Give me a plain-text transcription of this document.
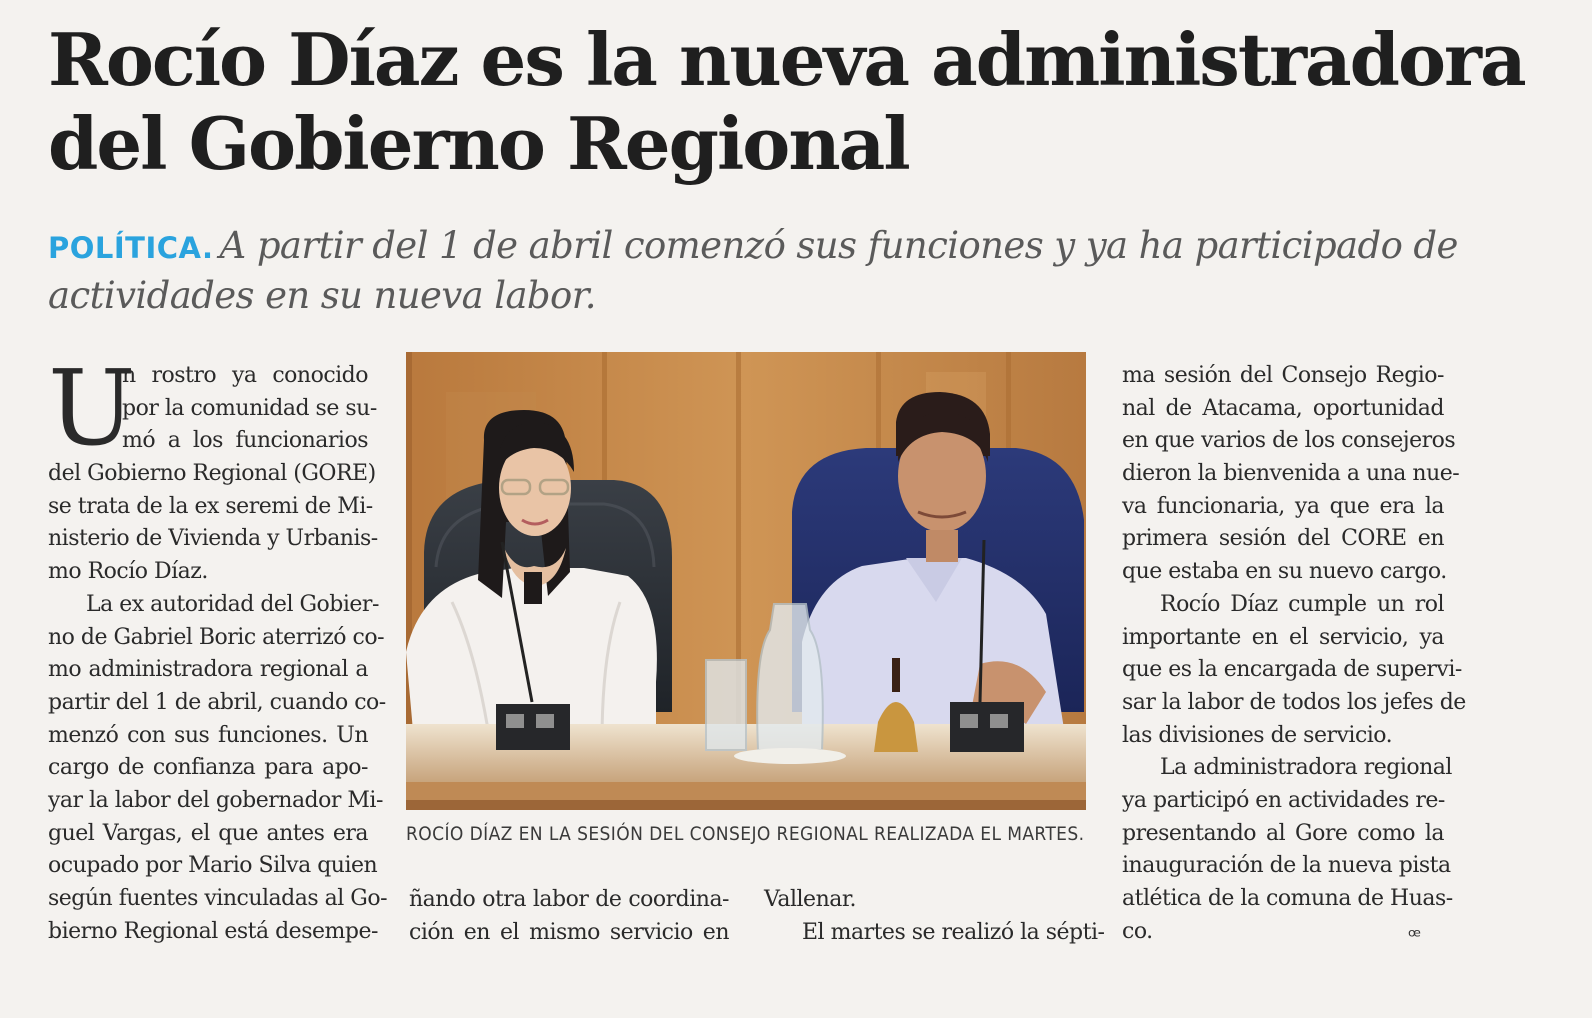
Rocío Díaz es la nueva administradora
del Gobierno Regional
POLÍTICA. A partir del 1 de abril comenzó sus funciones y ya ha participado de
actividades en su nueva labor.
U
n rostro ya conocido
por la comunidad se su-
mó a los funcionarios
del Gobierno Regional (GORE)
se trata de la ex seremi de Mi-
nisterio de Vivienda y Urbanis-
mo Rocío Díaz.
La ex autoridad del Gobier-
no de Gabriel Boric aterrizó co-
mo administradora regional a
partir del 1 de abril, cuando co-
menzó con sus funciones. Un
cargo de confianza para apo-
yar la labor del gobernador Mi-
guel Vargas, el que antes era
ocupado por Mario Silva quien
según fuentes vinculadas al Go-
bierno Regional está desempe-
ROCÍO DÍAZ EN LA SESIÓN DEL CONSEJO REGIONAL REALIZADA EL MARTES.
ñando otra labor de coordina-
ción en el mismo servicio en
Vallenar.
El martes se realizó la sépti-
ma sesión del Consejo Regio-
nal de Atacama, oportunidad
en que varios de los consejeros
dieron la bienvenida a una nue-
va funcionaria, ya que era la
primera sesión del CORE en
que estaba en su nuevo cargo.
Rocío Díaz cumple un rol
importante en el servicio, ya
que es la encargada de supervi-
sar la labor de todos los jefes de
las divisiones de servicio.
La administradora regional
ya participó en actividades re-
presentando al Gore como la
inauguración de la nueva pista
atlética de la comuna de Huas-
co.	ꟹ
